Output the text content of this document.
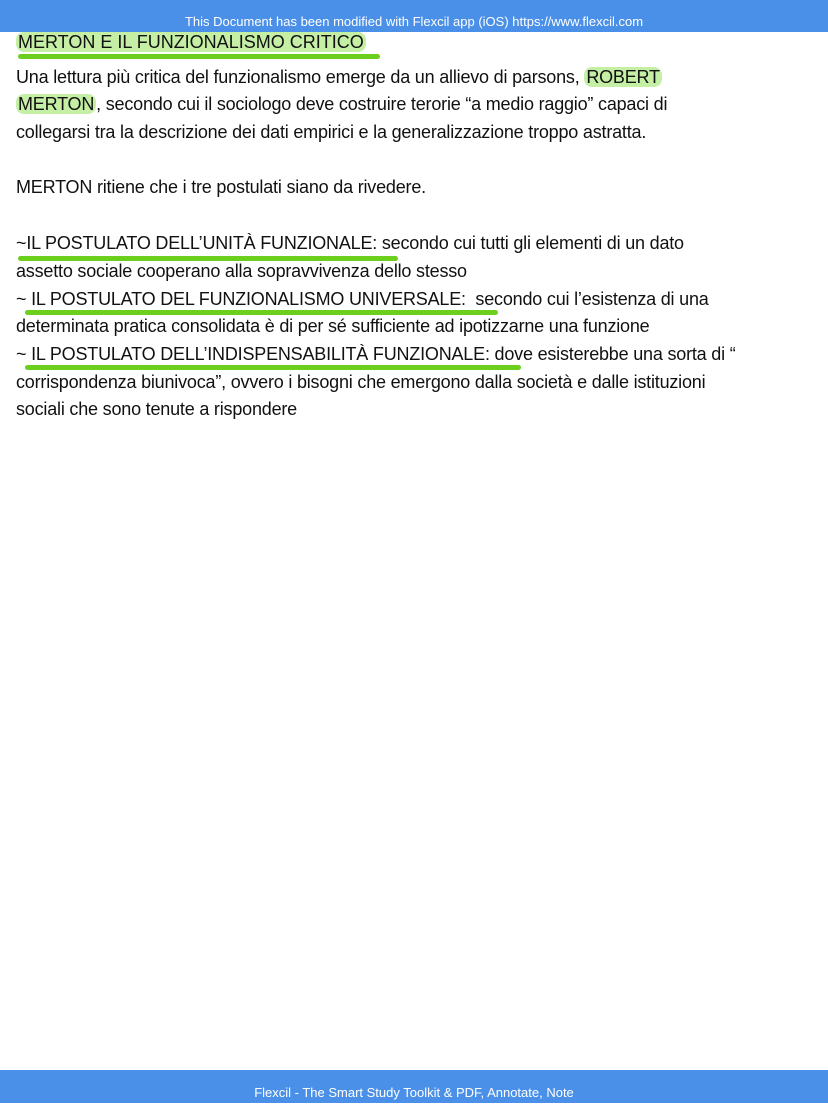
This Document has been modified with Flexcil app (iOS) https://www.flexcil.com
MERTON E IL FUNZIONALISMO CRITICO
Una lettura più critica del funzionalismo emerge da un allievo di parsons, ROBERT
MERTON , secondo cui il sociologo deve costruire terorie “a medio raggio” capaci di
collegarsi tra la descrizione dei dati empirici e la generalizzazione troppo astratta.
MERTON ritiene che i tre postulati siano da rivedere.
~IL POSTULATO DELL’UNITÀ FUNZIONALE: secondo cui tutti gli elementi di un dato
assetto sociale cooperano alla sopravvivenza dello stesso
~ IL POSTULATO DEL FUNZIONALISMO UNIVERSALE:  secondo cui l’esistenza di una
determinata pratica consolidata è di per sé sufficiente ad ipotizzarne una funzione
~ IL POSTULATO DELL’INDISPENSABILITÀ FUNZIONALE: dove esisterebbe una sorta di “
corrispondenza biunivoca”, ovvero i bisogni che emergono dalla società e dalle istituzioni
sociali che sono tenute a rispondere
Flexcil - The Smart Study Toolkit & PDF, Annotate, Note
